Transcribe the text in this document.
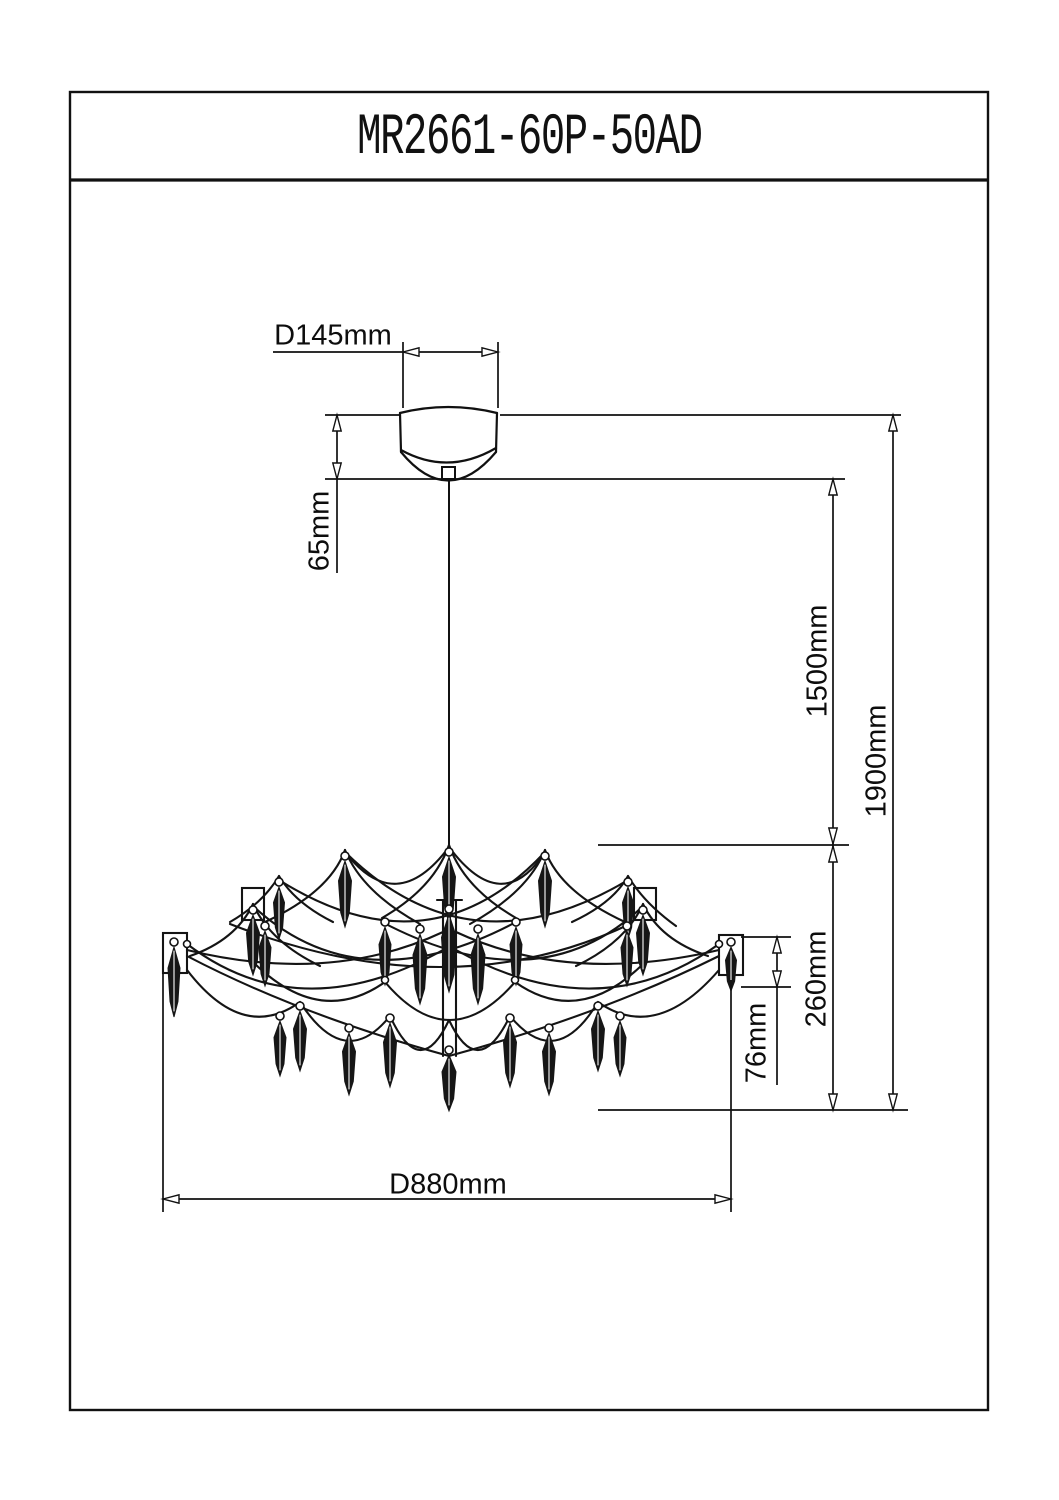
MR2661-60P-50AD
D145mm
65mm
1500mm
1900mm
260mm
76mm
D880mm
